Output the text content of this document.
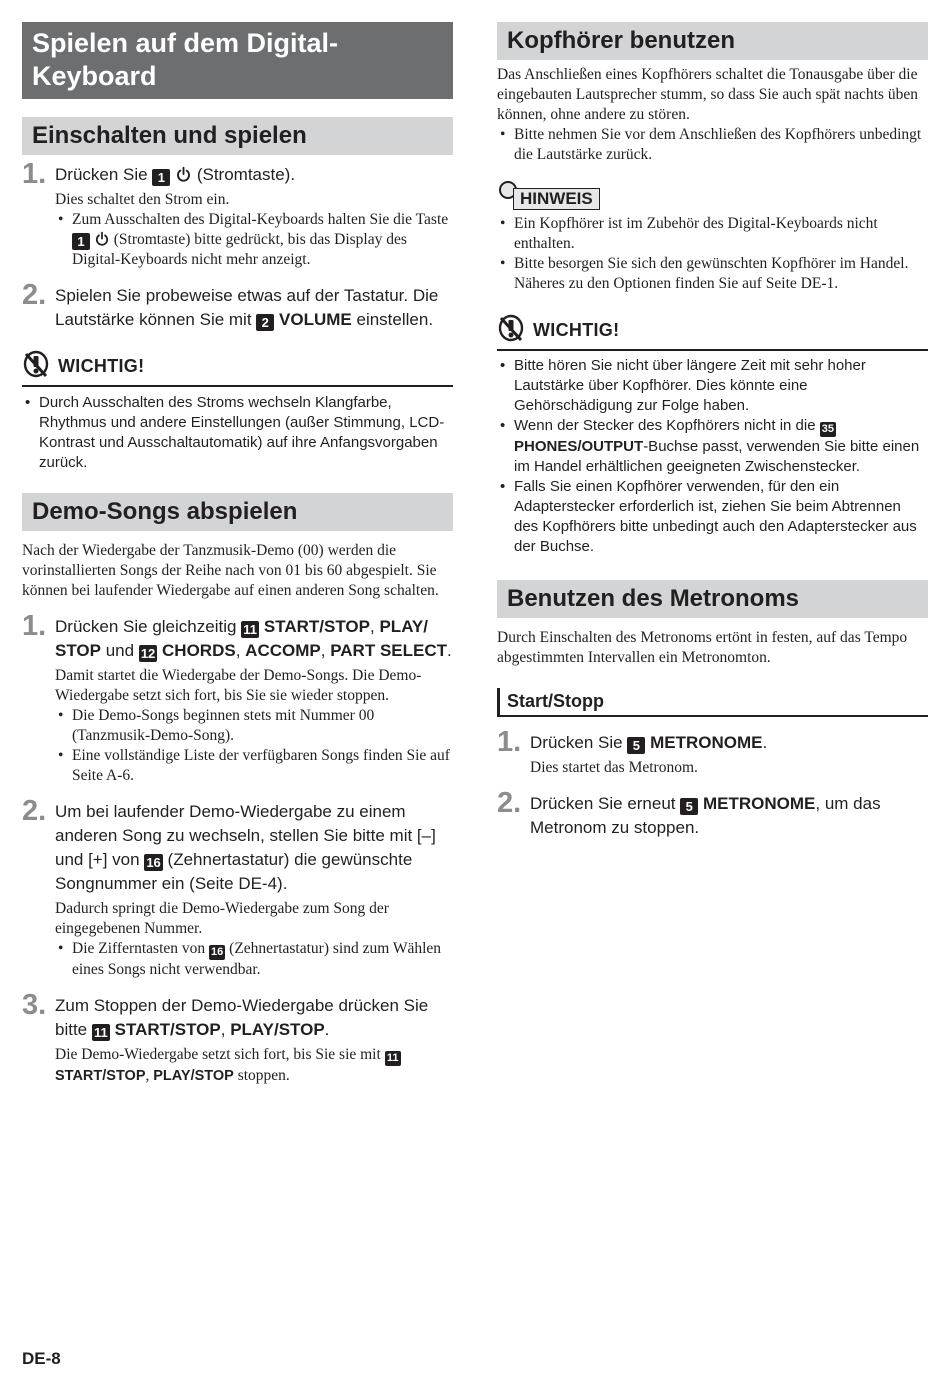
Spielen auf dem Digital-Keyboard
Einschalten und spielen
1. Drücken Sie 1 (Stromtaste).
Dies schaltet den Strom ein.
• Zum Ausschalten des Digital-Keyboards halten Sie die Taste 1 (Stromtaste) bitte gedrückt, bis das Display des Digital-Keyboards nicht mehr anzeigt.
2. Spielen Sie probeweise etwas auf der Tastatur. Die Lautstärke können Sie mit 2 VOLUME einstellen.
WICHTIG!
• Durch Ausschalten des Stroms wechseln Klangfarbe, Rhythmus und andere Einstellungen (außer Stimmung, LCD-Kontrast und Ausschaltautomatik) auf ihre Anfangsvorgaben zurück.
Demo-Songs abspielen
Nach der Wiedergabe der Tanzmusik-Demo (00) werden die vorinstallierten Songs der Reihe nach von 01 bis 60 abgespielt. Sie können bei laufender Wiedergabe auf einen anderen Song schalten.
1. Drücken Sie gleichzeitig 11 START/STOP, PLAY/ STOP und 12 CHORDS, ACCOMP, PART SELECT.
Damit startet die Wiedergabe der Demo-Songs. Die Demo-Wiedergabe setzt sich fort, bis Sie sie wieder stoppen.
• Die Demo-Songs beginnen stets mit Nummer 00 (Tanzmusik-Demo-Song).
• Eine vollständige Liste der verfügbaren Songs finden Sie auf Seite A-6.
2. Um bei laufender Demo-Wiedergabe zu einem anderen Song zu wechseln, stellen Sie bitte mit [–] und [+] von 16 (Zehnertastatur) die gewünschte Songnummer ein (Seite DE-4).
Dadurch springt die Demo-Wiedergabe zum Song der eingegebenen Nummer.
• Die Zifferntasten von 16 (Zehnertastatur) sind zum Wählen eines Songs nicht verwendbar.
3. Zum Stoppen der Demo-Wiedergabe drücken Sie bitte 11 START/STOP, PLAY/STOP.
Die Demo-Wiedergabe setzt sich fort, bis Sie sie mit 11 START/STOP, PLAY/STOP stoppen.
Kopfhörer benutzen
Das Anschließen eines Kopfhörers schaltet die Tonausgabe über die eingebauten Lautsprecher stumm, so dass Sie auch spät nachts üben können, ohne andere zu stören.
• Bitte nehmen Sie vor dem Anschließen des Kopfhörers unbedingt die Lautstärke zurück.
HINWEIS
• Ein Kopfhörer ist im Zubehör des Digital-Keyboards nicht enthalten.
• Bitte besorgen Sie sich den gewünschten Kopfhörer im Handel. Näheres zu den Optionen finden Sie auf Seite DE-1.
WICHTIG!
• Bitte hören Sie nicht über längere Zeit mit sehr hoher Lautstärke über Kopfhörer. Dies könnte eine Gehörschädigung zur Folge haben.
• Wenn der Stecker des Kopfhörers nicht in die 35 PHONES/OUTPUT-Buchse passt, verwenden Sie bitte einen im Handel erhältlichen geeigneten Zwischenstecker.
• Falls Sie einen Kopfhörer verwenden, für den ein Adapterstecker erforderlich ist, ziehen Sie beim Abtrennen des Kopfhörers bitte unbedingt auch den Adapterstecker aus der Buchse.
Benutzen des Metronoms
Durch Einschalten des Metronoms ertönt in festen, auf das Tempo abgestimmten Intervallen ein Metronomton.
Start/Stopp
1. Drücken Sie 5 METRONOME.
Dies startet das Metronom.
2. Drücken Sie erneut 5 METRONOME, um das Metronom zu stoppen.
DE-8
